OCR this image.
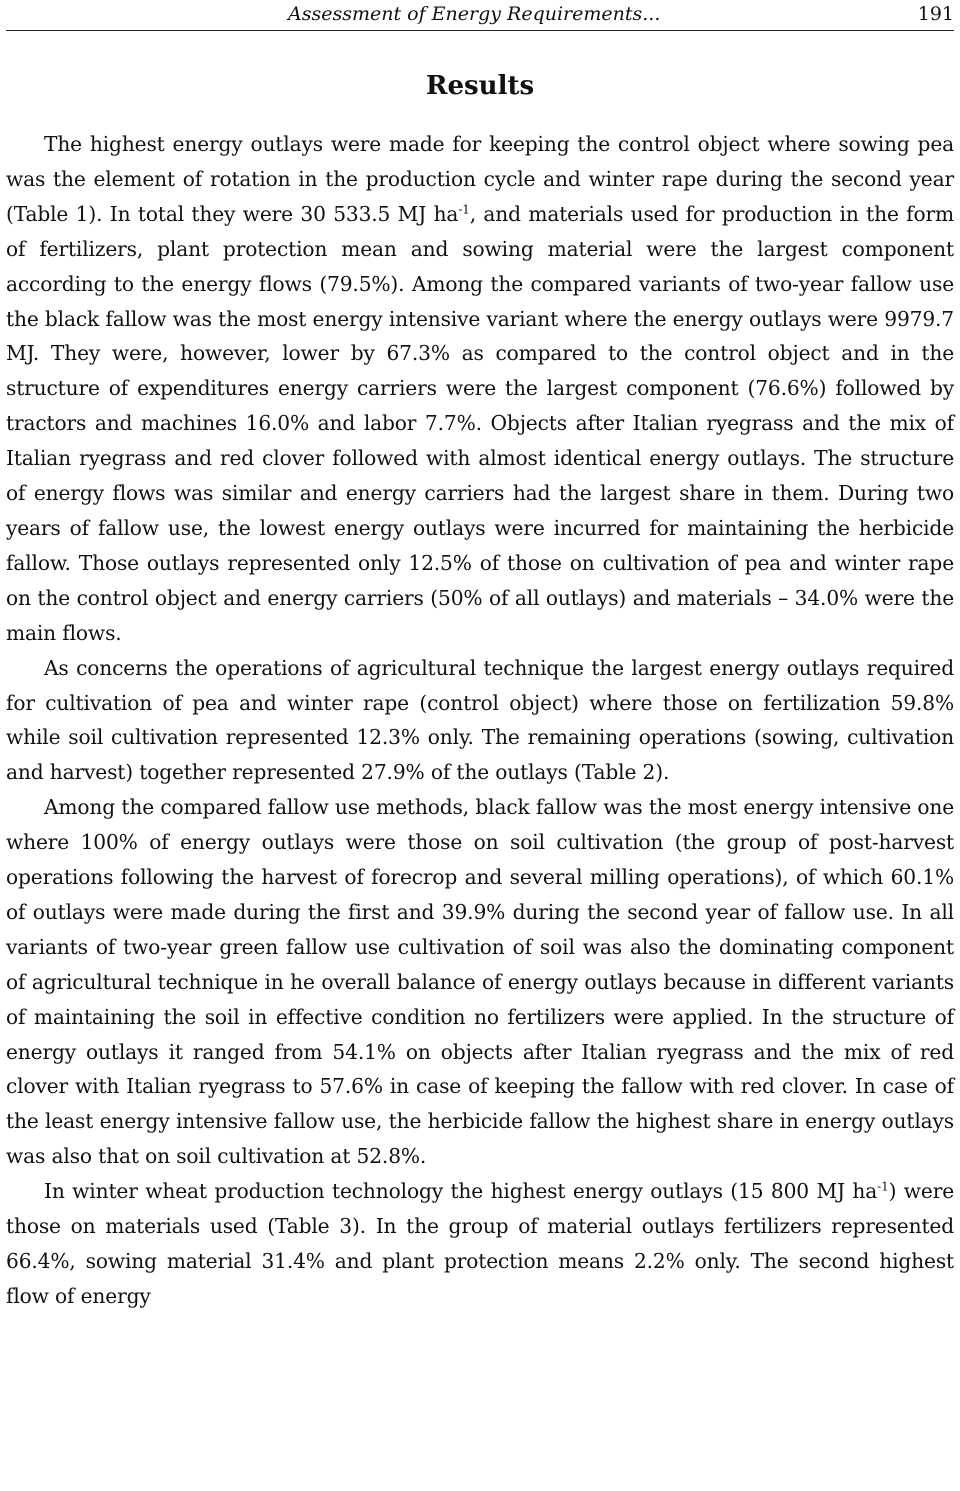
Assessment of Energy Requirements...	191
Results

The highest energy outlays were made for keeping the control object where sowing pea was the element of rotation in the production cycle and winter rape during the second year (Table 1). In total they were 30 533.5 MJ $ha^{-1}$, and materials used for production in the form of fertilizers, plant protection mean and sowing material were the largest component according to the energy flows (79.5%). Among the compared variants of two-year fallow use the black fallow was the most energy intensive variant where the energy outlays were 9979.7 MJ. They were, however, lower by 67.3% as compared to the control object and in the structure of expenditures energy carriers were the largest component (76.6%) followed by tractors and machines 16.0% and labor 7.7%. Objects after Italian ryegrass and the mix of Italian ryegrass and red clover followed with almost identical energy outlays. The structure of energy flows was similar and energy carriers had the largest share in them. During two years of fallow use, the lowest energy outlays were incurred for maintaining the herbicide fallow. Those outlays represented only 12.5% of those on cultivation of pea and winter rape on the control object and energy carriers (50% of all outlays) and materials – 34.0% were the main flows.

As concerns the operations of agricultural technique the largest energy outlays required for cultivation of pea and winter rape (control object) where those on fertilization 59.8% while soil cultivation represented 12.3% only. The remaining operations (sowing, cultivation and harvest) together represented 27.9% of the outlays (Table 2).

Among the compared fallow use methods, black fallow was the most energy intensive one where 100% of energy outlays were those on soil cultivation (the group of post-harvest operations following the harvest of forecrop and several milling operations), of which 60.1% of outlays were made during the first and 39.9% during the second year of fallow use. In all variants of two-year green fallow use cultivation of soil was also the dominating component of agricultural technique in he overall balance of energy outlays because in different variants of maintaining the soil in effective condition no fertilizers were applied. In the structure of energy outlays it ranged from 54.1% on objects after Italian ryegrass and the mix of red clover with Italian ryegrass to 57.6% in case of keeping the fallow with red clover. In case of the least energy intensive fallow use, the herbicide fallow the highest share in energy outlays was also that on soil cultivation at 52.8%.

In winter wheat production technology the highest energy outlays (15 800 MJ $ha^{-1}$) were those on materials used (Table 3). In the group of material outlays fertilizers represented 66.4%, sowing material 31.4% and plant protection means 2.2% only. The second highest flow of energy
